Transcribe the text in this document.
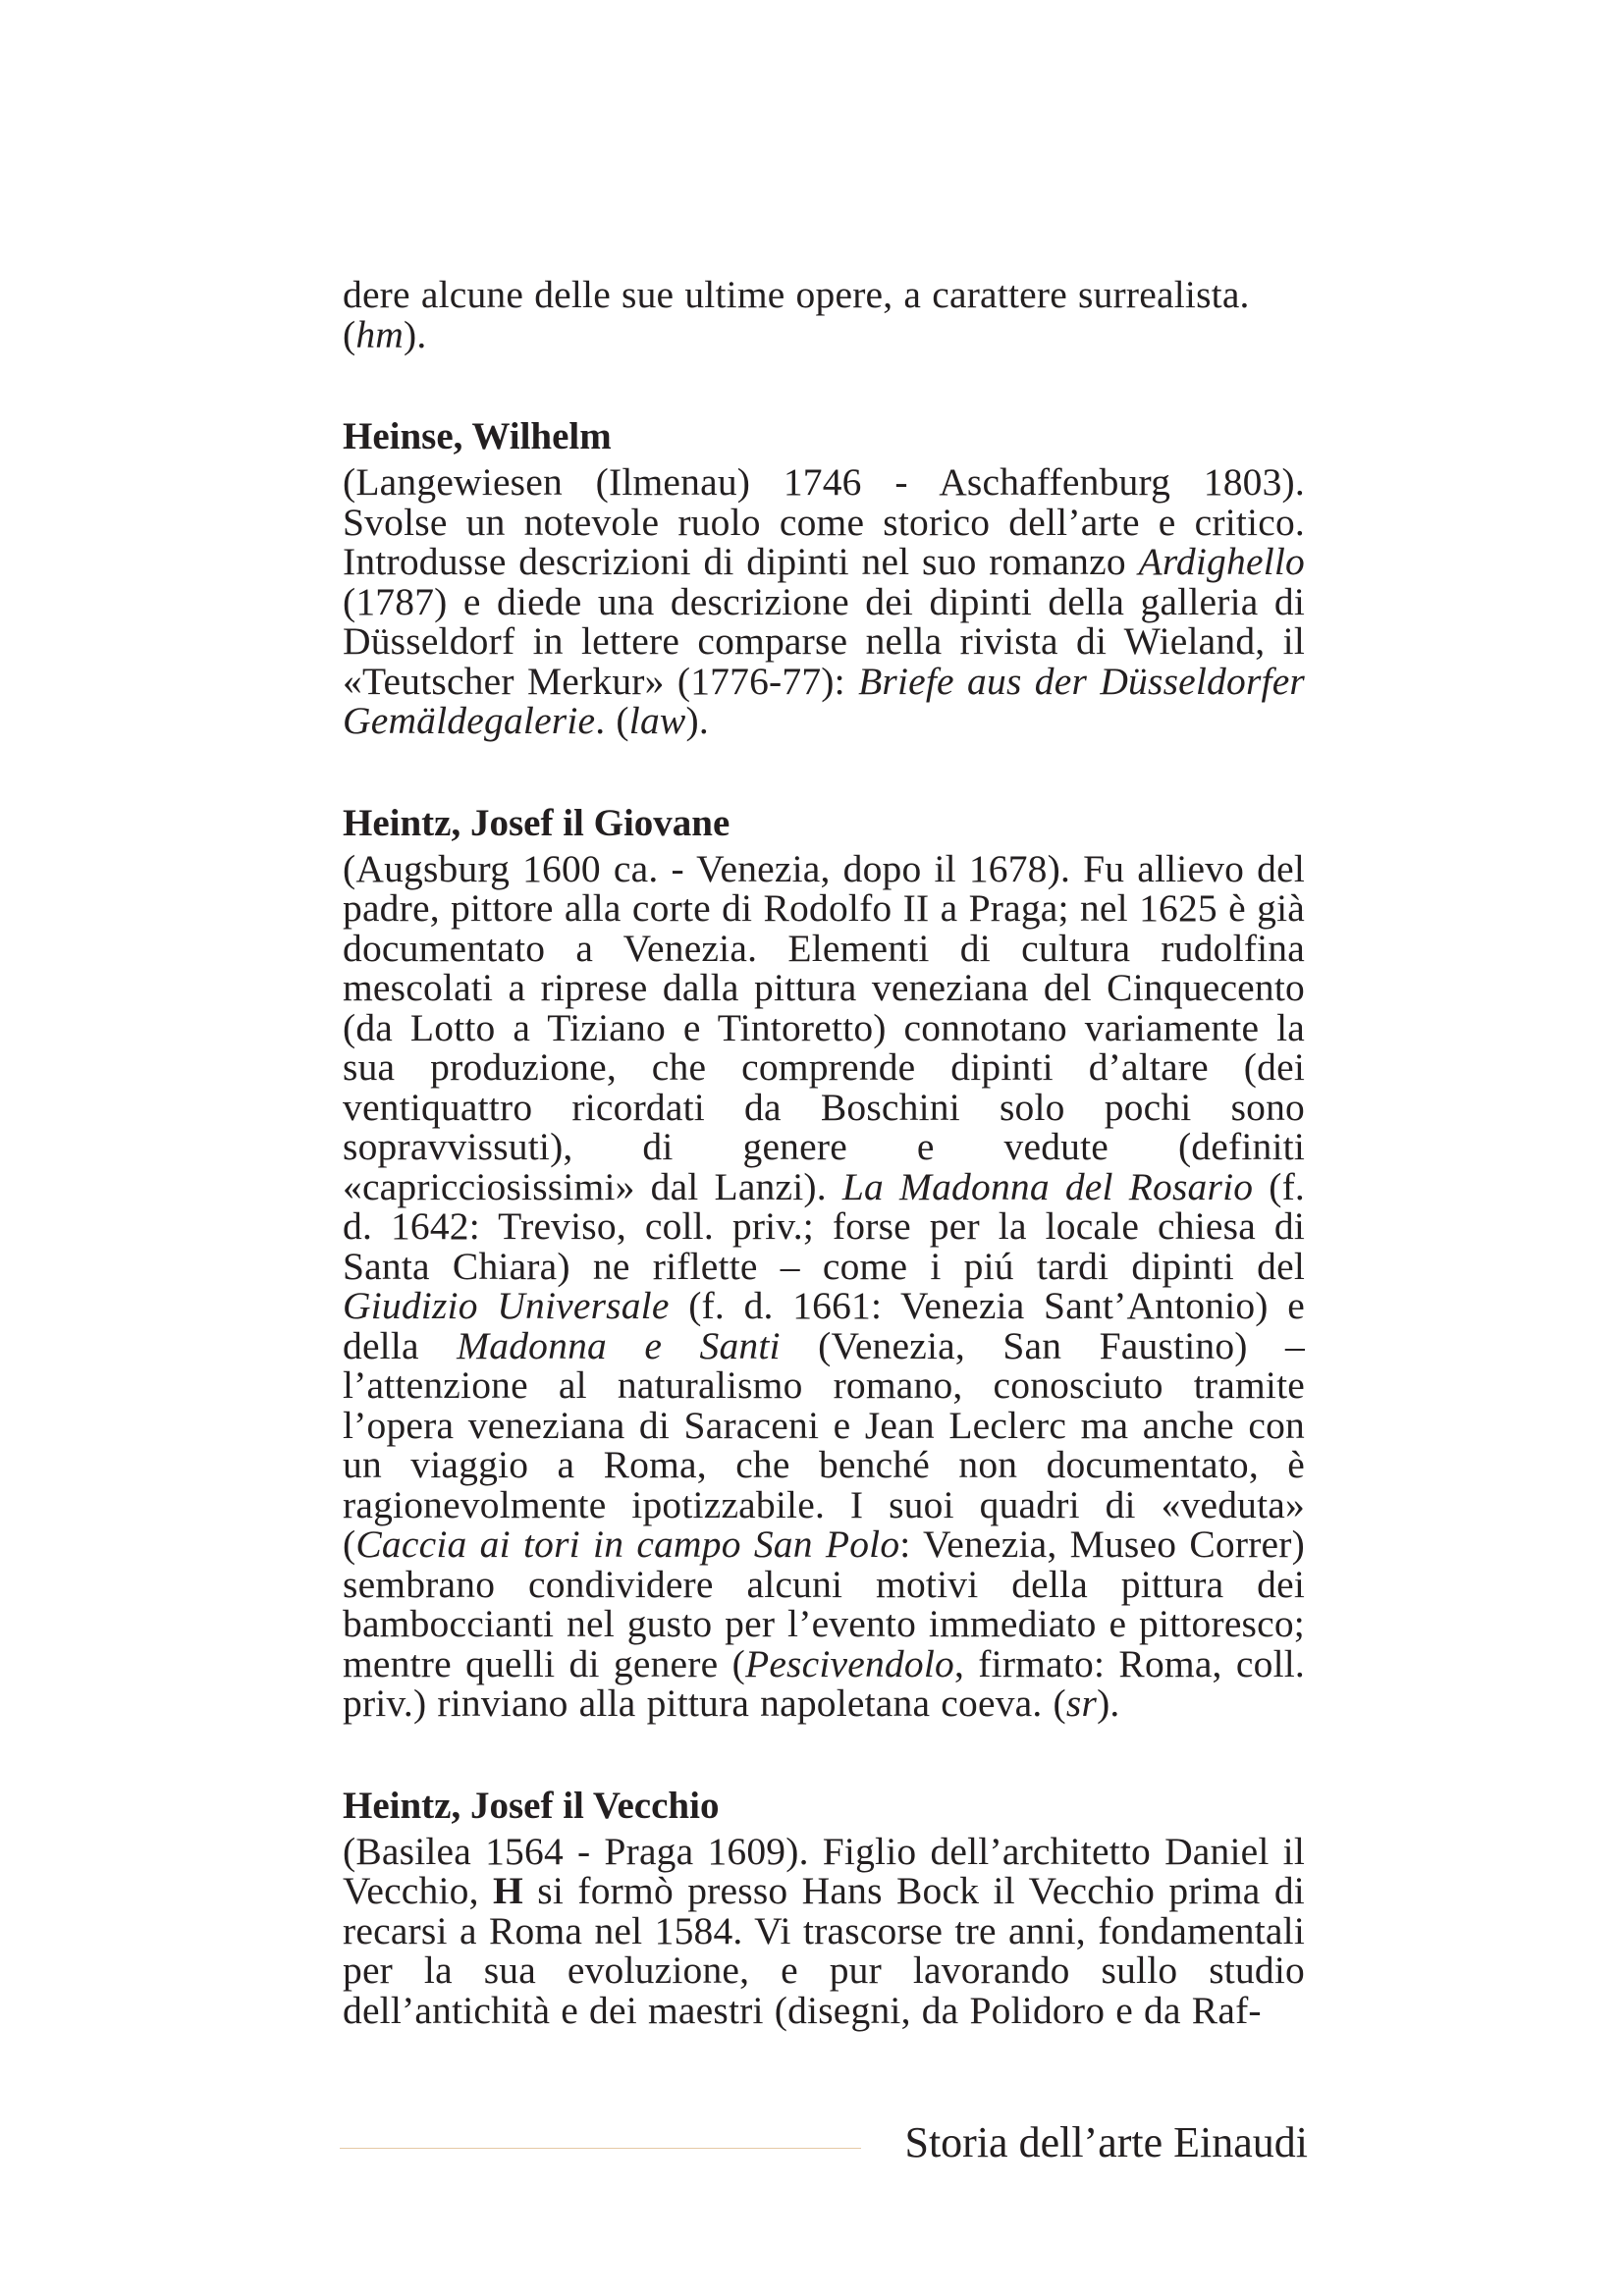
dere alcune delle sue ultime opere, a carattere surrealista.
(hm).

Heinse, Wilhelm

(Langewiesen (Ilmenau) 1746 - Aschaffenburg 1803). Svolse un notevole ruolo come storico dell’arte e critico. Introdusse descrizioni di dipinti nel suo romanzo Ardighello (1787) e diede una descrizione dei dipinti della galleria di Düsseldorf in lettere comparse nella rivista di Wieland, il «Teutscher Merkur» (1776-77): Briefe aus der Düsseldorfer Gemäldegalerie. (law).

Heintz, Josef il Giovane

(Augsburg 1600 ca. - Venezia, dopo il 1678). Fu allievo del padre, pittore alla corte di Rodolfo II a Praga; nel 1625 è già documentato a Venezia. Elementi di cultura rudolfina mescolati a riprese dalla pittura veneziana del Cinquecento (da Lotto a Tiziano e Tintoretto) connotano variamente la sua produzione, che comprende dipinti d’altare (dei ventiquattro ricordati da Boschini solo pochi sono sopravvissuti), di genere e vedute (definiti «capricciosissimi» dal Lanzi). La Madonna del Rosario (f. d. 1642: Treviso, coll. priv.; forse per la locale chiesa di Santa Chiara) ne riflette – come i piú tardi dipinti del Giudizio Universale (f. d. 1661: Venezia Sant’Antonio) e della Madonna e Santi (Venezia, San Faustino) – l’attenzione al naturalismo romano, conosciuto tramite l’opera veneziana di Saraceni e Jean Leclerc ma anche con un viaggio a Roma, che benché non documentato, è ragionevolmente ipotizzabile. I suoi quadri di «veduta» (Caccia ai tori in campo San Polo: Venezia, Museo Correr) sembrano condividere alcuni motivi della pittura dei bamboccianti nel gusto per l’evento immediato e pittoresco; mentre quelli di genere (Pescivendolo, firmato: Roma, coll. priv.) rinviano alla pittura napoletana coeva. (sr).

Heintz, Josef il Vecchio

(Basilea 1564 - Praga 1609). Figlio dell’architetto Daniel il Vecchio, H si formò presso Hans Bock il Vecchio prima di recarsi a Roma nel 1584. Vi trascorse tre anni, fondamentali per la sua evoluzione, e pur lavorando sullo studio dell’antichità e dei maestri (disegni, da Polidoro e da Raf-

Storia dell’arte Einaudi
